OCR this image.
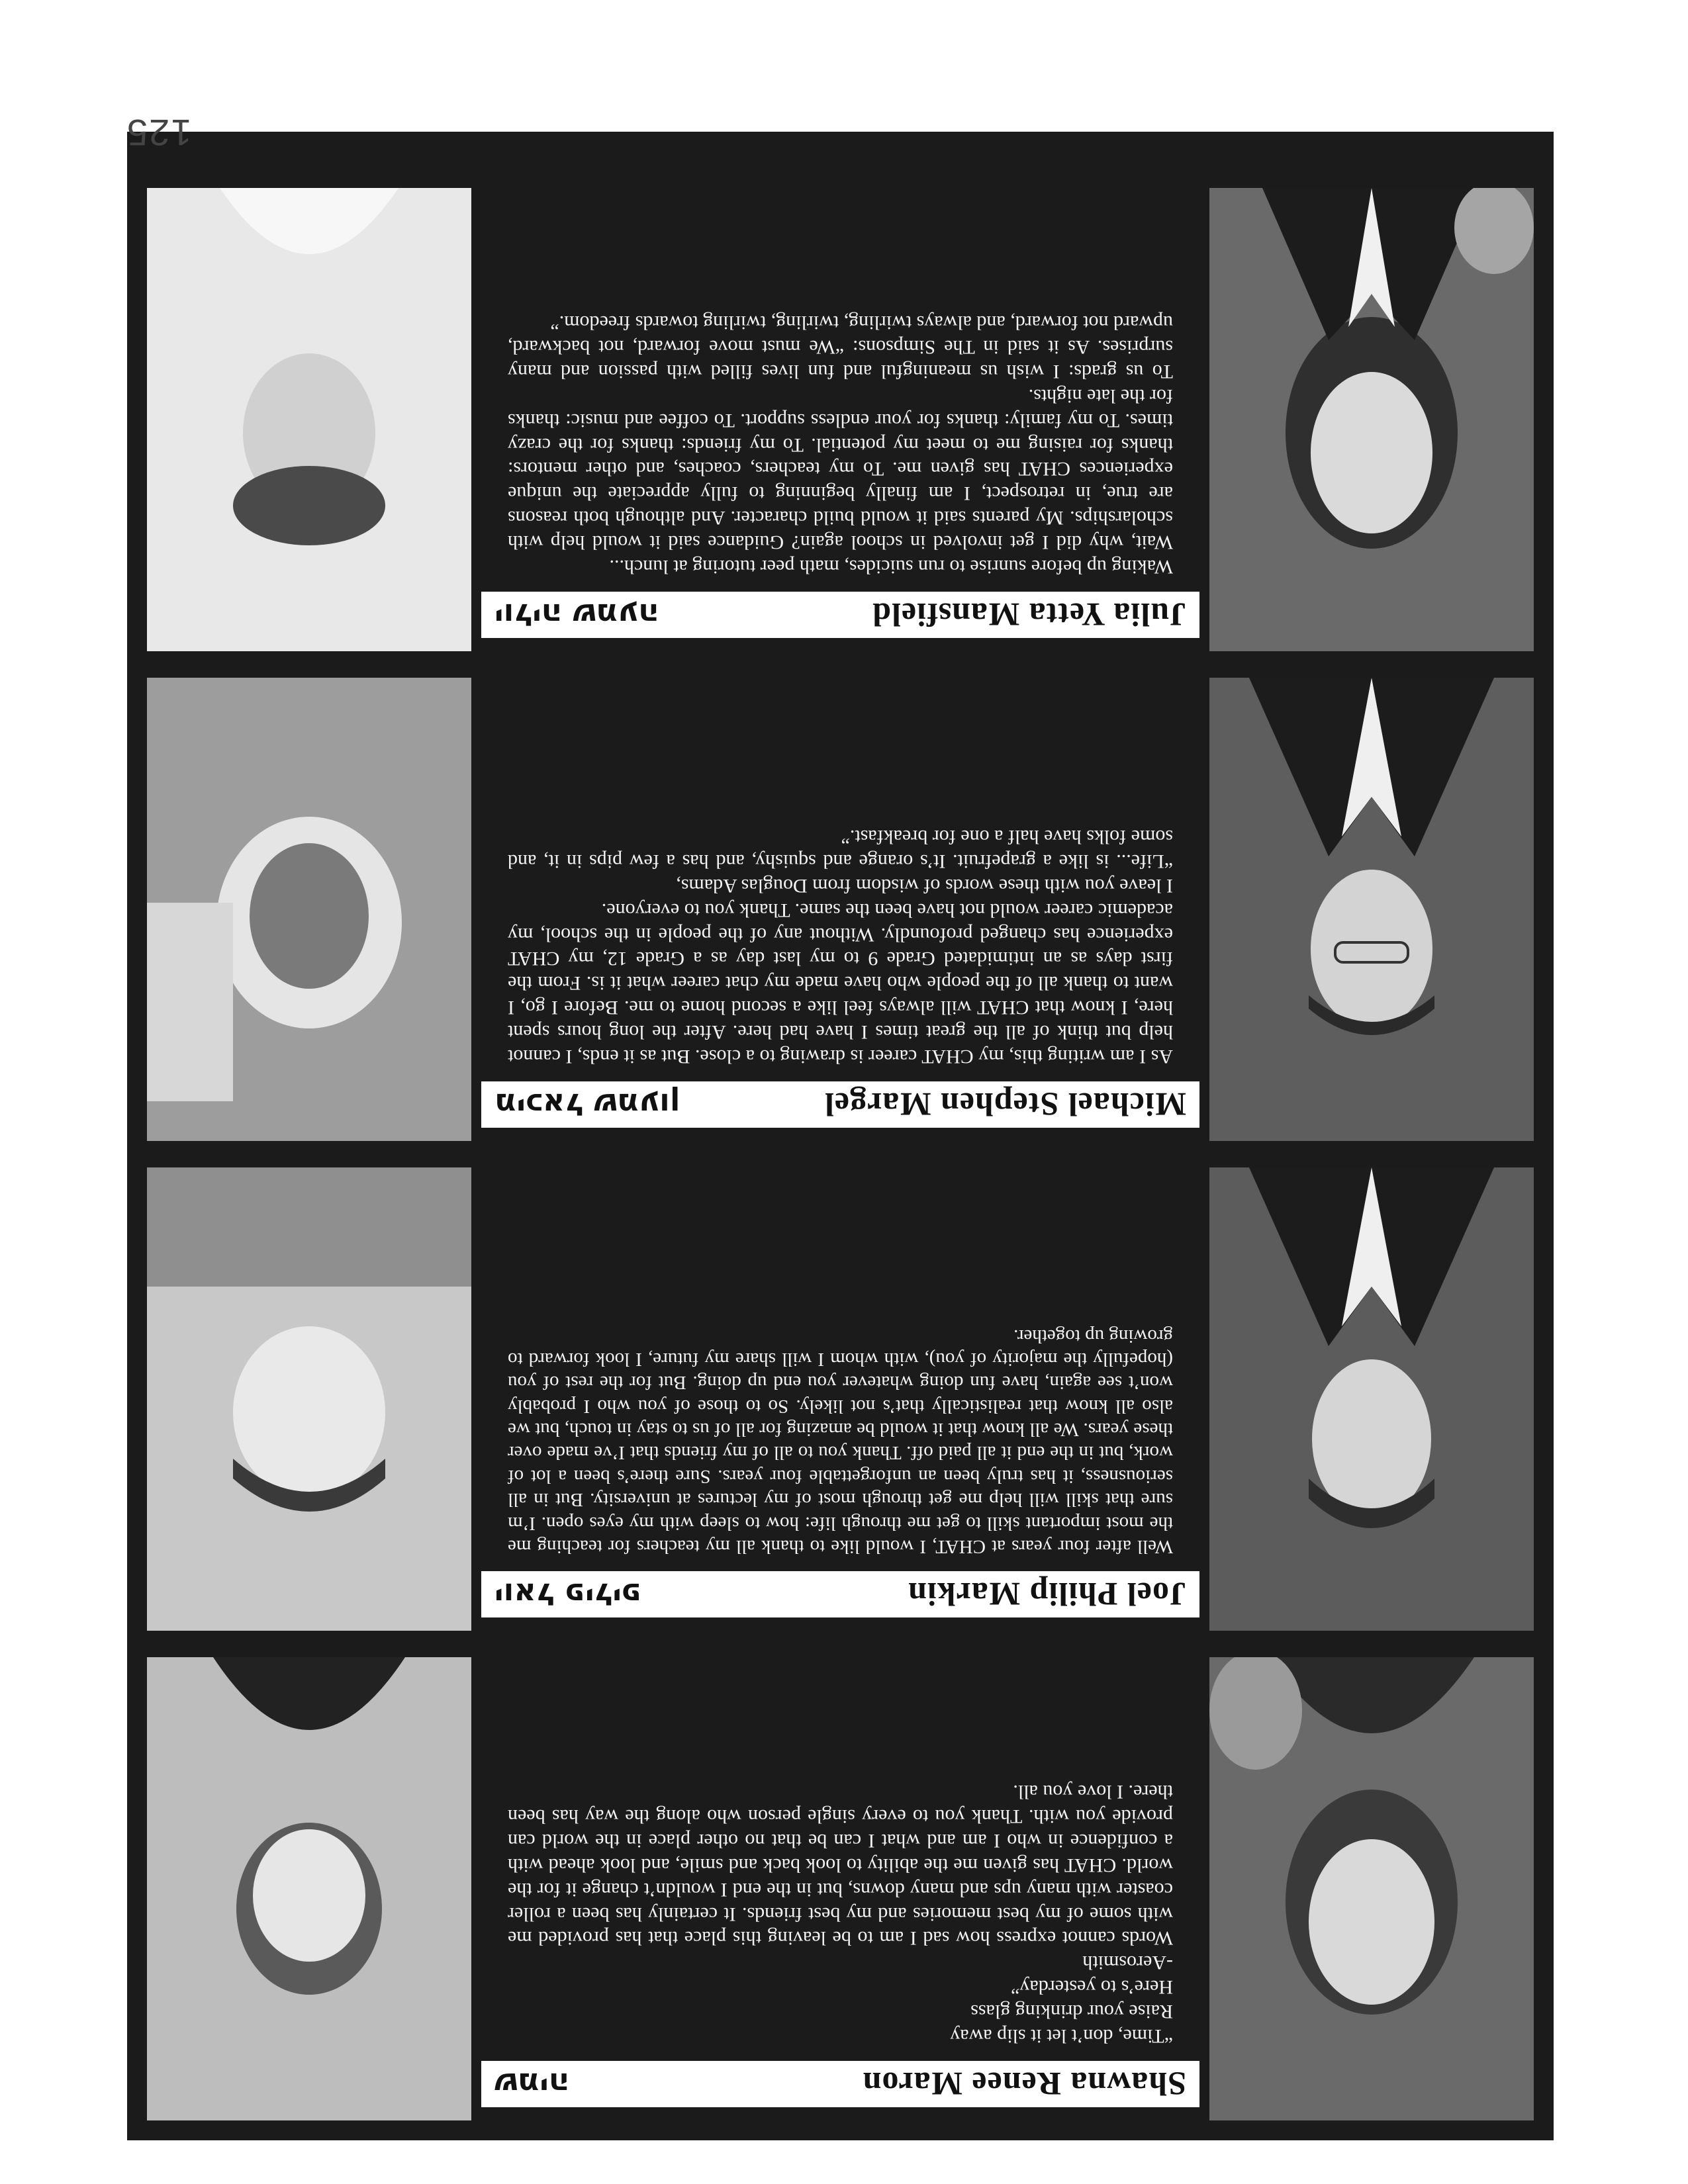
Shawna Renee Maron
שמיה
“Time, don’t let it slip away
Raise your drinking glass
Here’s to yesterday”
-Aerosmith
Words cannot express how sad I am to be leaving this place that has provided me with some of my best memories and my best friends. It certainly has been a roller coaster with many ups and many downs, but in the end I wouldn’t change it for the world. CHAT has given me the ability to look back and smile, and look ahead with a confidence in who I am and what I can be that no other place in the world can provide you with. Thank you to every single person who along the way has been there. I love you all.
Joel Philip Markin
יואל פיליפ
Well after four years at CHAT, I would like to thank all my teachers for teaching me the most important skill to get me through life: how to sleep with my eyes open. I’m sure that skill will help me get through most of my lectures at university. But in all seriousness, it has truly been an unforgettable four years. Sure there’s been a lot of work, but in the end it all paid off. Thank you to all of my friends that I’ve made over these years. We all know that it would be amazing for all of us to stay in touch, but we also all know that realistically that’s not likely. So to those of you who I probably won’t see again, have fun doing whatever you end up doing. But for the rest of you (hopefully the majority of you), with whom I will share my future, I look forward to growing up together.
Michael Stephen Margel
מיכאל שמעון
As I am writing this, my CHAT career is drawing to a close. But as it ends, I cannot help but think of all the great times I have had here. After the long hours spent here, I know that CHAT will always feel like a second home to me. Before I go, I want to thank all of the people who have made my chat career what it is. From the first days as an intimidated Grade 9 to my last day as a Grade 12, my CHAT experience has changed profoundly. Without any of the people in the school, my academic career would not have been the same. Thank you to everyone.
I leave you with these words of wisdom from Douglas Adams,
“Life... is like a grapefruit. It’s orange and squishy, and has a few pips in it, and some folks have half a one for breakfast.”
Julia Yetta Mansfield
יוליה שמעה
Waking up before sunrise to run suicides, math peer tutoring at lunch...
Wait, why did I get involved in school again? Guidance said it would help with scholarships. My parents said it would build character. And although both reasons are true, in retrospect, I am finally beginning to fully appreciate the unique experiences CHAT has given me. To my teachers, coaches, and other mentors: thanks for raising me to meet my potential. To my friends: thanks for the crazy times. To my family: thanks for your endless support. To coffee and music: thanks for the late nights.
To us grads: I wish us meaningful and fun lives filled with passion and many surprises. As it said in The Simpsons: “We must move forward, not backward, upward not forward, and always twirling, twirling, twirling towards freedom.”
125
